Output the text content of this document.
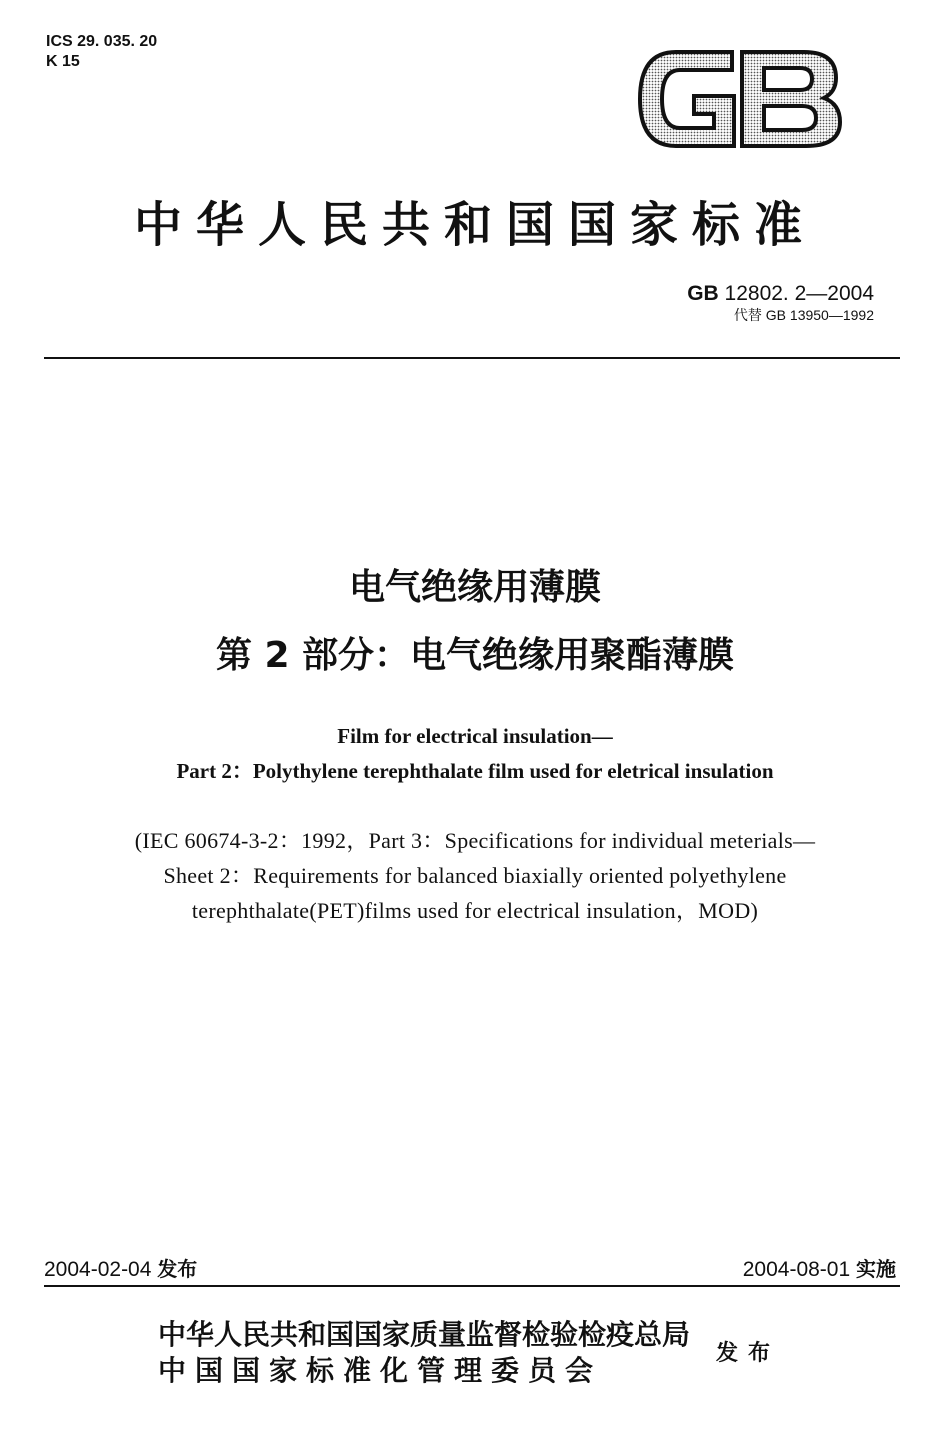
ICS 29. 035. 20
K 15
中华人民共和国国家标准
GB 12802. 2—2004
代替 GB 13950—1992
电气绝缘用薄膜
第 2 部分：电气绝缘用聚酯薄膜
Film for electrical insulation—
Part 2：Polythylene terephthalate film used for eletrical insulation
(IEC 60674-3-2：1992，Part 3：Specifications for individual meterials—
Sheet 2：Requirements for balanced biaxially oriented polyethylene
terephthalate(PET)films used for electrical insulation，MOD)
2004-02-04 发布	2004-08-01 实施
中华人民共和国国家质量监督检验检疫总局
中国国家标准化管理委员会
发布
